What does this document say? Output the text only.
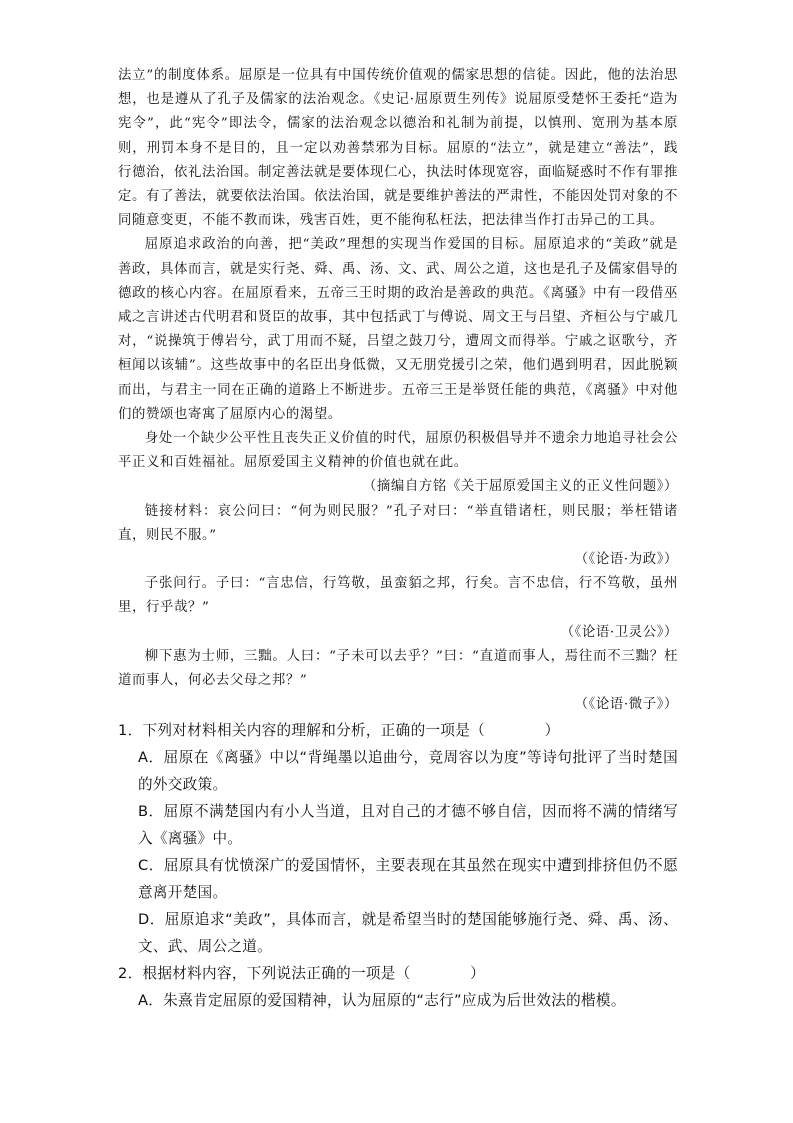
法立”的制度体系。屈原是一位具有中国传统价值观的儒家思想的信徒。因此，他的法治思想，也是遵从了孔子及儒家的法治观念。《史记·屈原贾生列传》说屈原受楚怀王委托“造为宪令”，此“宪令”即法令，儒家的法治观念以德治和礼制为前提，以慎刑、宽刑为基本原则，刑罚本身不是目的，且一定以劝善禁邪为目标。屈原的“法立”，就是建立“善法”，践行德治，依礼法治国。制定善法就是要体现仁心，执法时体现宽容，面临疑惑时不作有罪推定。有了善法，就要依法治国。依法治国，就是要维护善法的严肃性，不能因处罚对象的不同随意变更，不能不教而诛，残害百姓，更不能徇私枉法，把法律当作打击异己的工具。

屈原追求政治的向善，把“美政”理想的实现当作爱国的目标。屈原追求的“美政”就是善政，具体而言，就是实行尧、舜、禹、汤、文、武、周公之道，这也是孔子及儒家倡导的德政的核心内容。在屈原看来，五帝三王时期的政治是善政的典范。《离骚》中有一段借巫咸之言讲述古代明君和贤臣的故事，其中包括武丁与傅说、周文王与吕望、齐桓公与宁戚几对，“说操筑于傅岩兮，武丁用而不疑，吕望之鼓刀兮，遭周文而得举。宁戚之讴歌兮，齐桓闻以该辅”。这些故事中的名臣出身低微，又无朋党援引之荣，他们遇到明君，因此脱颖而出，与君主一同在正确的道路上不断进步。五帝三王是举贤任能的典范，《离骚》中对他们的赞颂也寄寓了屈原内心的渴望。

身处一个缺少公平性且丧失正义价值的时代，屈原仍积极倡导并不遗余力地追寻社会公平正义和百姓福祉。屈原爱国主义精神的价值也就在此。

（摘编自方铭《关于屈原爱国主义的正义性问题》）

链接材料：哀公问曰：“何为则民服？”孔子对曰：“举直错诸枉，则民服；举枉错诸直，则民不服。”

（《论语·为政》）

子张问行。子曰：“言忠信，行笃敬，虽蛮貊之邦，行矣。言不忠信，行不笃敬，虽州里，行乎哉？”

（《论语·卫灵公》）

柳下惠为士师，三黜。人曰：“子未可以去乎？”曰：“直道而事人，焉往而不三黜？枉道而事人，何必去父母之邦？”

（《论语·微子》）

1．下列对材料相关内容的理解和分析，正确的一项是（　　　　）

A．屈原在《离骚》中以“背绳墨以追曲兮，竞周容以为度”等诗句批评了当时楚国的外交政策。

B．屈原不满楚国内有小人当道，且对自己的才德不够自信，因而将不满的情绪写入《离骚》中。

C．屈原具有忧愤深广的爱国情怀，主要表现在其虽然在现实中遭到排挤但仍不愿意离开楚国。

D．屈原追求“美政”，具体而言，就是希望当时的楚国能够施行尧、舜、禹、汤、文、武、周公之道。

2．根据材料内容，下列说法正确的一项是（　　　　）

A．朱熹肯定屈原的爱国精神，认为屈原的“志行”应成为后世效法的楷模。
